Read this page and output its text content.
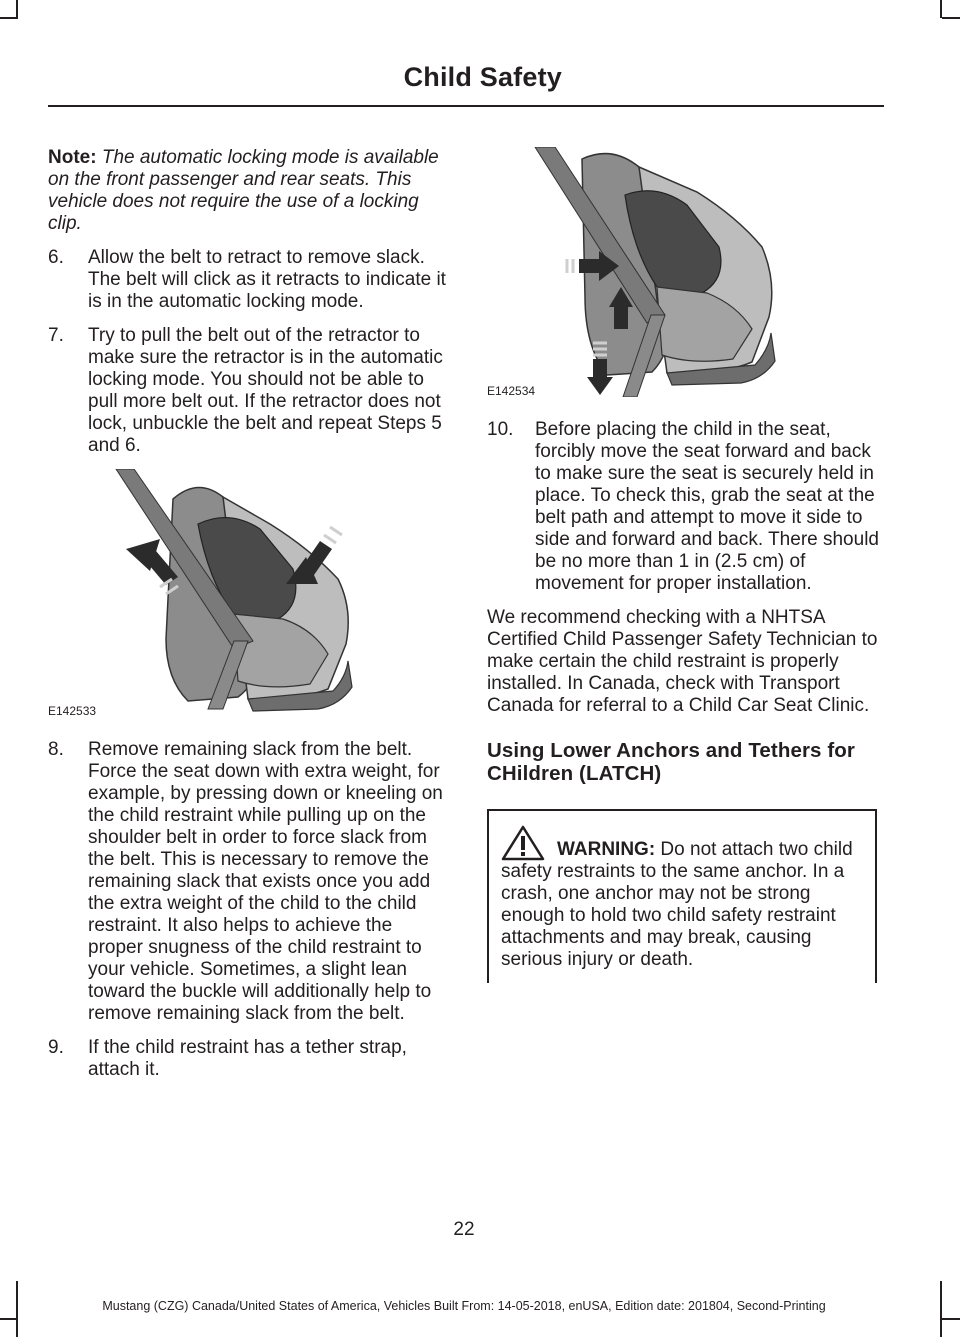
Child Safety

Note: The automatic locking mode is available on the front passenger and rear seats. This vehicle does not require the use of a locking clip.

6.	Allow the belt to retract to remove slack. The belt will click as it retracts to indicate it is in the automatic locking mode.
7.	Try to pull the belt out of the retractor to make sure the retractor is in the automatic locking mode. You should not be able to pull more belt out. If the retractor does not lock, unbuckle the belt and repeat Steps 5 and 6.
E142533
8.	Remove remaining slack from the belt. Force the seat down with extra weight, for example, by pressing down or kneeling on the child restraint while pulling up on the shoulder belt in order to force slack from the belt. This is necessary to remove the remaining slack that exists once you add the extra weight of the child to the child restraint. It also helps to achieve the proper snugness of the child restraint to your vehicle. Sometimes, a slight lean toward the buckle will additionally help to remove remaining slack from the belt.
9.	If the child restraint has a tether strap, attach it.
E142534
10.	Before placing the child in the seat, forcibly move the seat forward and back to make sure the seat is securely held in place. To check this, grab the seat at the belt path and attempt to move it side to side and forward and back. There should be no more than 1 in (2.5 cm) of movement for proper installation.

We recommend checking with a NHTSA Certified Child Passenger Safety Technician to make certain the child restraint is properly installed. In Canada, check with Transport Canada for referral to a Child Car Seat Clinic.

Using Lower Anchors and Tethers for CHildren (LATCH)

WARNING: Do not attach two child safety restraints to the same anchor. In a crash, one anchor may not be strong enough to hold two child safety restraint attachments and may break, causing serious injury or death.

22
Mustang (CZG) Canada/United States of America, Vehicles Built From: 14-05-2018, enUSA, Edition date: 201804, Second-Printing
